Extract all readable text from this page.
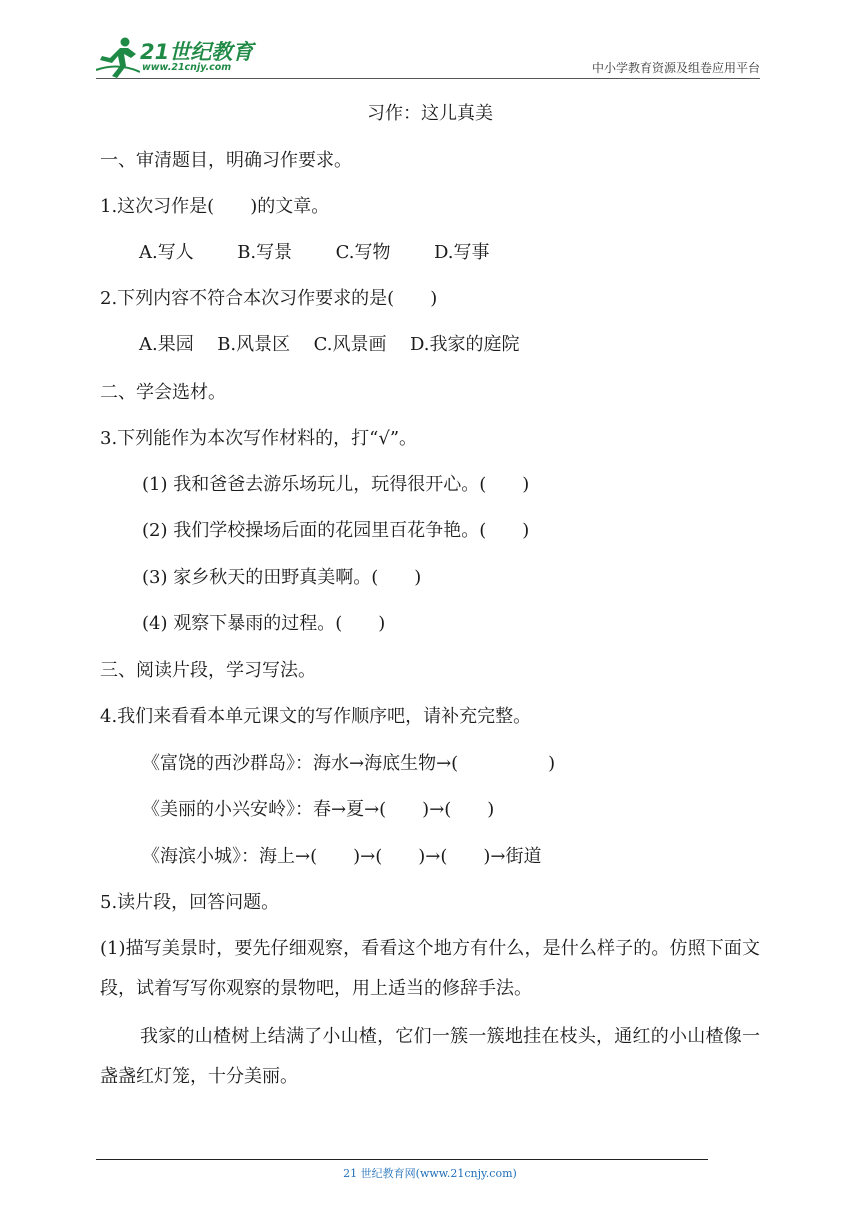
21世纪教育
www.21cnjy.com	中小学教育资源及组卷应用平台
习作：这儿真美
一、审清题目，明确习作要求。
1.这次习作是(　　)的文章。
A.写人 B.写景 C.写物 D.写事
2.下列内容不符合本次习作要求的是(　　)
A.果园 B.风景区 C.风景画 D.我家的庭院
二、学会选材。
3.下列能作为本次写作材料的，打“√”。
(1) 我和爸爸去游乐场玩儿，玩得很开心。(　　)
(2) 我们学校操场后面的花园里百花争艳。(　　)
(3) 家乡秋天的田野真美啊。(　　)
(4) 观察下暴雨的过程。(　　)
三、阅读片段，学习写法。
4.我们来看看本单元课文的写作顺序吧，请补充完整。
《富饶的西沙群岛》：海水→海底生物→(　　　　　)
《美丽的小兴安岭》：春→夏→(　　)→(　　)
《海滨小城》：海上→(　　)→(　　)→(　　)→街道
5.读片段，回答问题。
(1)描写美景时，要先仔细观察，看看这个地方有什么，是什么样子的。仿照下面文段，试着写写你观察的景物吧，用上适当的修辞手法。
我家的山楂树上结满了小山楂，它们一簇一簇地挂在枝头，通红的小山楂像一盏盏红灯笼，十分美丽。
21 世纪教育网(www.21cnjy.com)
